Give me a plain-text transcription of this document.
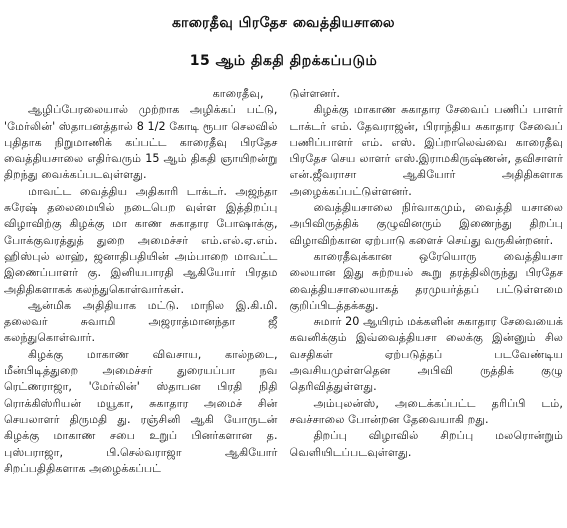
காரைதீவு பிரதேச வைத்தியசாலை
15 ஆம் திகதி திறக்கப்படும்

காரைதீவு,

ஆழிப்பேரலையால் முற்றாக அழிக்கப் பட்டு, 'மேர்லின்' ஸ்தாபனத்தால் 8 1/2 கோடி ரூபா செலவில் புதிதாக நிறுமாணிக் கப்பட்ட காரைதீவு பிரதேச வைத்தியசாலை எதிர்வரும் 15 ஆம் திகதி ஞாயிறன்று திறந்து வைக்கப்படவுள்ளது.

மாவட்ட வைத்திய அதிகாரி டாக்டர். அஜந்தா சுரேஷ் தலைமையில் நடைபெற வுள்ள இத்திறப்பு விழாவிற்கு கிழக்கு மா காண சுகாதார போஷாக்கு, போக்குவரத்துத் துறை அமைச்சர் எம்.எல்.ஏ.எம். ஹிஸ்புல் லாஹ், ஜனாதிபதியின் அம்பாறை மாவட்ட இணைப்பாளர் கு. இனியபாரதி ஆகியோர் பிரதம அதிதிகளாகக் கலந்துகொள்வார்கள்.

ஆன்மிக அதிதியாக மட்டு. மாநில இ.கி.மி. தலைவர் சுவாமி அஜராத்மானந்தா ஜீ கலந்துகொள்வார்.

கிழக்கு மாகாண விவசாய, கால்நடை, மீன்பிடித்துறை அமைச்சர் துரையப்பா நவ ரெட்ணராஜா, 'மேர்லின்' ஸ்தாபன பிரதி நிதி ரொக்கிஸ்ரியன் மயூகா, சுகாதார அமைச் சின் செயலாளர் திருமதி து. ரஞ்சினி ஆகி யோருடன் கிழக்கு மாகாண சபை உறுப் பினர்களான த. புஸ்பராஜா, பி.செல்வராஜா ஆகியோர் சிறப்பதிதிகளாக அழைக்கப்பட்

டுள்ளனர்.

கிழக்கு மாகாண சுகாதார சேவைப் பணிப் பாளர் டாக்டர் எம். தேவராஜன், பிராந்திய சுகாதார சேவைப் பணிப்பாளர் எம். எஸ். இப்றாலெவ்வை காரைதீவு பிரதேச செய லாளர் எஸ்.இராமகிருஷ்ணன், தவிசாளர் என்.ஜீவராசா ஆகியோர் அதிதிகளாக அழைக்கப்பட்டுள்ளனர்.

வைத்தியசாலை நிர்வாகமும், வைத்தி யசாலை அபிவிருத்திக் குழுவினரும் இணைந்து திறப்பு விழாவிற்கான ஏற்பாடு களைச் செய்து வருகின்றனர்.

காரைதீவுக்கான ஒரேயொரு வைத்தியசா லையான இது சுற்றயல் கூறு தரத்திலிருந்து பிரதேச வைத்தியசாலையாகத் தரமுயர்த்தப் பட்டுள்ளமை குறிப்பிடத்தக்கது.

சுமார் 20 ஆயிரம் மக்களின் சுகாதார சேவையைக் கவனிக்கும் இவ்வைத்தியசா லைக்கு இன்னும் சில வசதிகள் ஏற்படுத்தப் படவேண்டிய அவசியமுள்ளதென அபிவி ருத்திக் குழு தெரிவித்துள்ளது.

அம்புலன்ஸ், அடைக்கப்பட்ட தரிப்பி டம், சவச்சாலை போன்றன தேவையாகி றது.

திறப்பு விழாவில் சிறப்பு மலரொன்றும் வெளியிடப்படவுள்ளது.
